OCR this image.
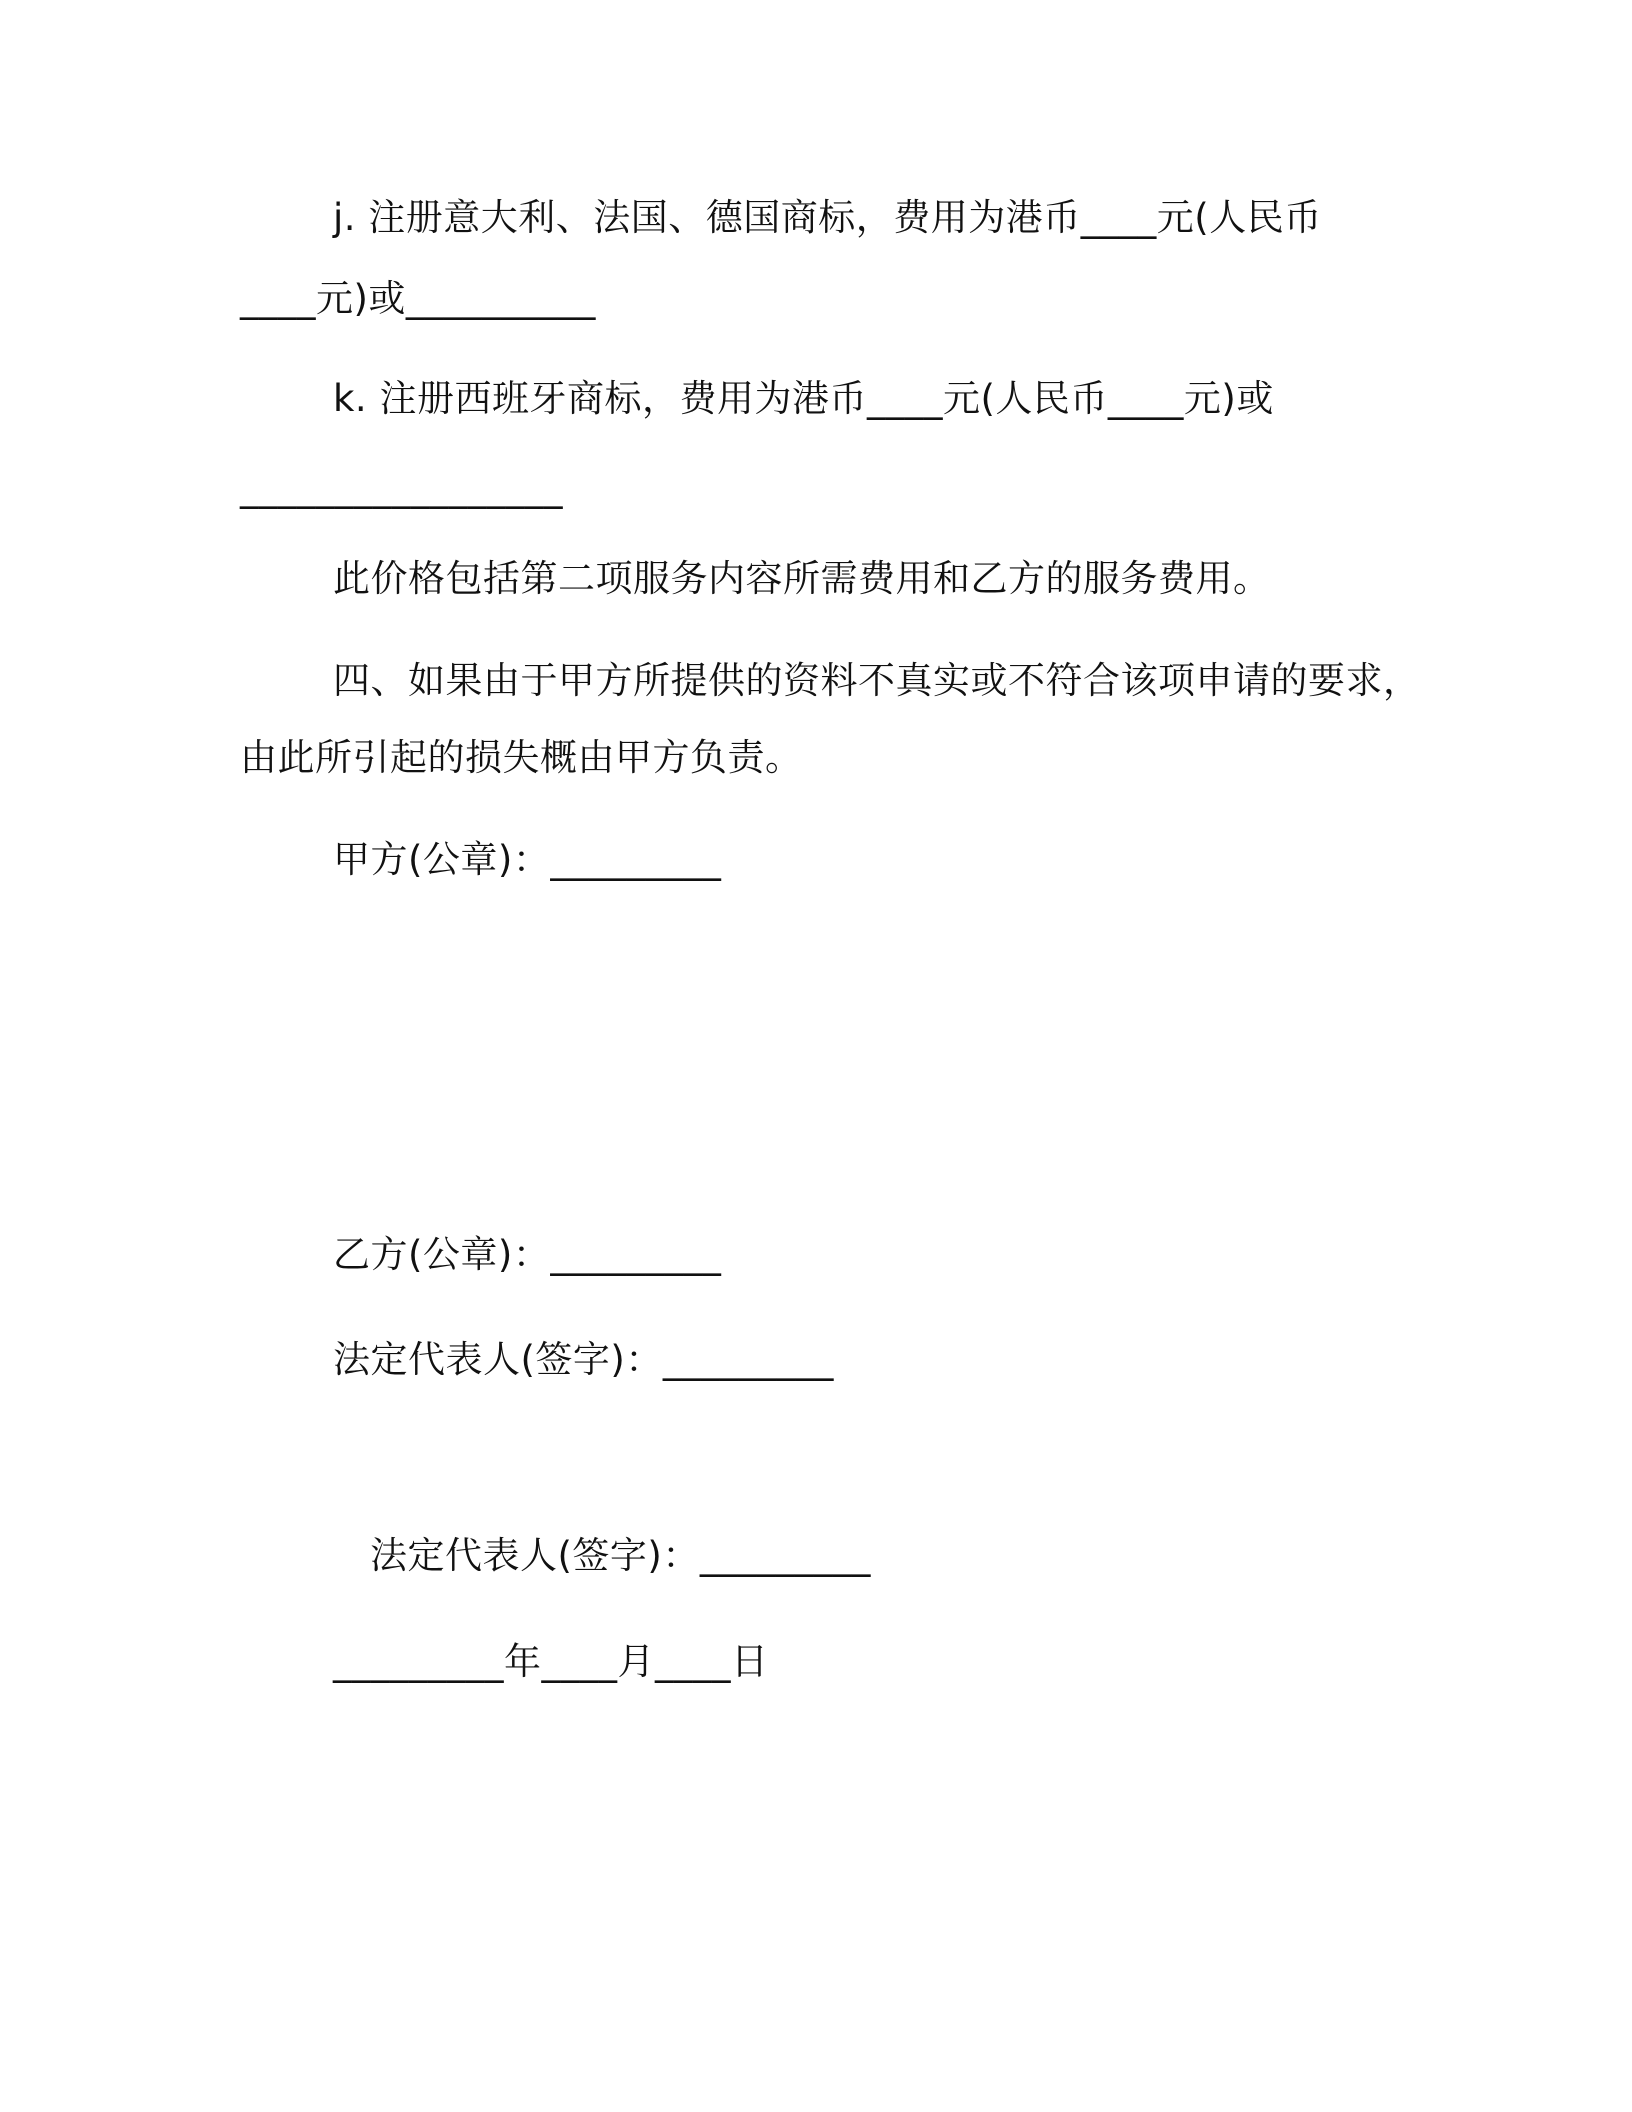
j. 注册意大利、法国、德国商标，费用为港币____元(人民币
____元)或__________
k. 注册西班牙商标，费用为港币____元(人民币____元)或
_________________
此价格包括第二项服务内容所需费用和乙方的服务费用。
四、如果由于甲方所提供的资料不真实或不符合该项申请的要求，
由此所引起的损失概由甲方负责。
甲方(公章)：_________
乙方(公章)：_________
法定代表人(签字)：_________
法定代表人(签字)：_________
_________年____月____日
